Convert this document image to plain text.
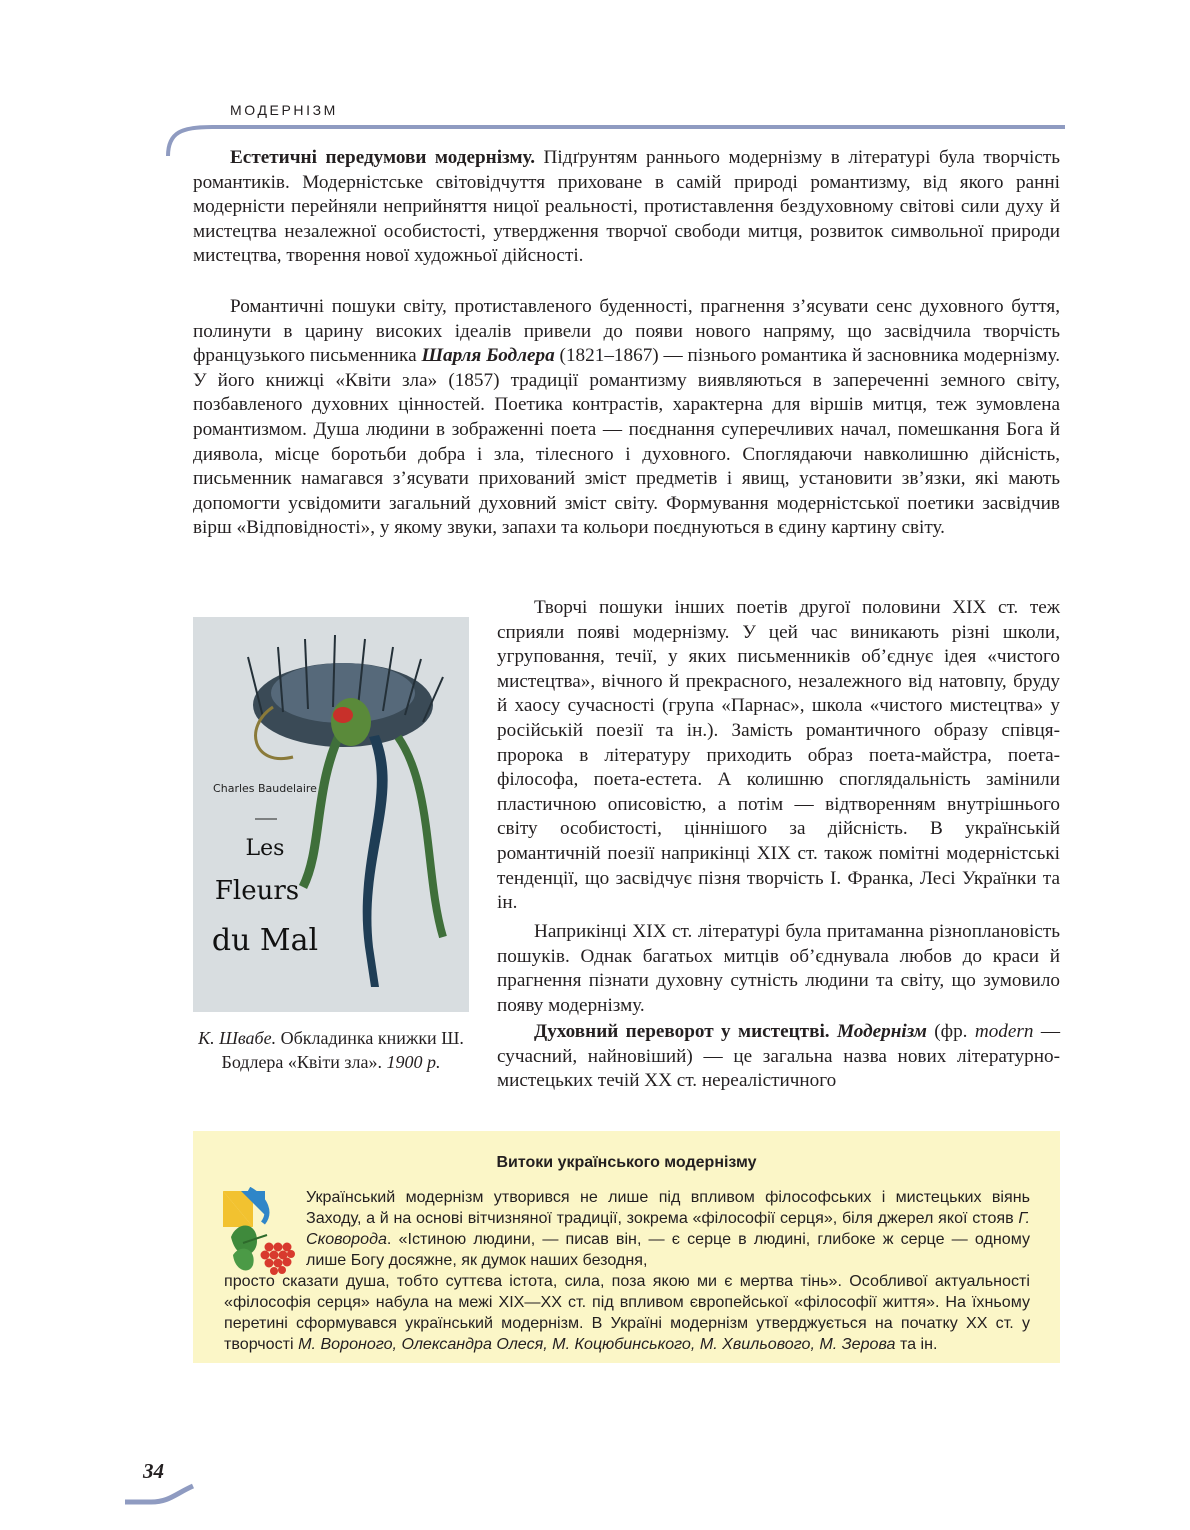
МОДЕРНІЗМ

Естетичні передумови модернізму. Підґрунтям раннього модернізму в літературі була творчість романтиків. Модерністське світовідчуття приховане в самій природі романтизму, від якого ранні модерністи перейняли неприйняття ницої реальності, протиставлення бездуховному світові сили духу й мистецтва незалежної особистості, утвердження творчої свободи митця, розвиток символьної природи мистецтва, творення нової художньої дійсності.

Романтичні пошуки світу, протиставленого буденності, прагнення з’ясувати сенс духовного буття, полинути в царину високих ідеалів привели до появи нового напряму, що засвідчила творчість французького письменника Шарля Бодлера (1821–1867) — пізнього романтика й засновника модернізму. У його книжці «Квіти зла» (1857) традиції романтизму виявляються в запереченні земного світу, позбавленого духовних цінностей. Поетика контрастів, характерна для віршів митця, теж зумовлена романтизмом. Душа людини в зображенні поета — поєднання суперечливих начал, помешкання Бога й диявола, місце боротьби добра і зла, тілесного і духовного. Споглядаючи навколишню дійсність, письменник намагався з’ясувати прихований зміст предметів і явищ, установити зв’язки, які мають допомогти усвідомити загальний духовний зміст світу. Формування модерністської поетики засвідчив вірш «Відповідності», у якому звуки, запахи та кольори поєднуються в єдину картину світу.

Charles Baudelaire
Les
Fleurs
du Mal
К. Швабе. Обкладинка книжки Ш. Бодлера «Квіти зла». 1900 р.

Творчі пошуки інших поетів другої половини XIX ст. теж сприяли появі модернізму. У цей час виникають різні школи, угруповання, течії, у яких письменників об’єднує ідея «чистого мистецтва», вічного й прекрасного, незалежного від натовпу, бруду й хаосу сучасності (група «Парнас», школа «чистого мистецтва» у російській поезії та ін.). Замість романтичного образу співця-пророка в літературу приходить образ поета-майстра, поета-філософа, поета-естета. А колишню споглядальність замінили пластичною описовістю, а потім — відтворенням внутрішнього світу особистості, ціннішого за дійсність. В українській романтичній поезії наприкінці XIX ст. також помітні модерністські тенденції, що засвідчує пізня творчість І. Франка, Лесі Українки та ін.

Наприкінці XIX ст. літературі була притаманна різноплановість пошуків. Однак багатьох митців об’єднувала любов до краси й прагнення пізнати духовну сутність людини та світу, що зумовило появу модернізму.

Духовний переворот у мистецтві. Модернізм (фр. modern — сучасний, найновіший) — це загальна назва нових літературно-мистецьких течій XX ст. нереалістичного

Витоки українського модернізму

Український модернізм утворився не лише під впливом філософських і мистецьких віянь Заходу, а й на основі вітчизняної традиції, зокрема «філософії серця», біля джерел якої стояв Г. Сковорода. «Істиною людини, — писав він, — є серце в людині, глибоке ж серце — одному лише Богу досяжне, як думок наших безодня,

просто сказати душа, тобто суттєва істота, сила, поза якою ми є мертва тінь». Особливої актуальності «філософія серця» набула на межі XIX—XX ст. під впливом європейської «філософії життя». На їхньому перетині сформувався український модернізм. В Україні модернізм утверджується на початку XX ст. у творчості М. Вороного, Олександра Олеся, М. Коцюбинського, М. Хвильового, М. Зерова та ін.

34
